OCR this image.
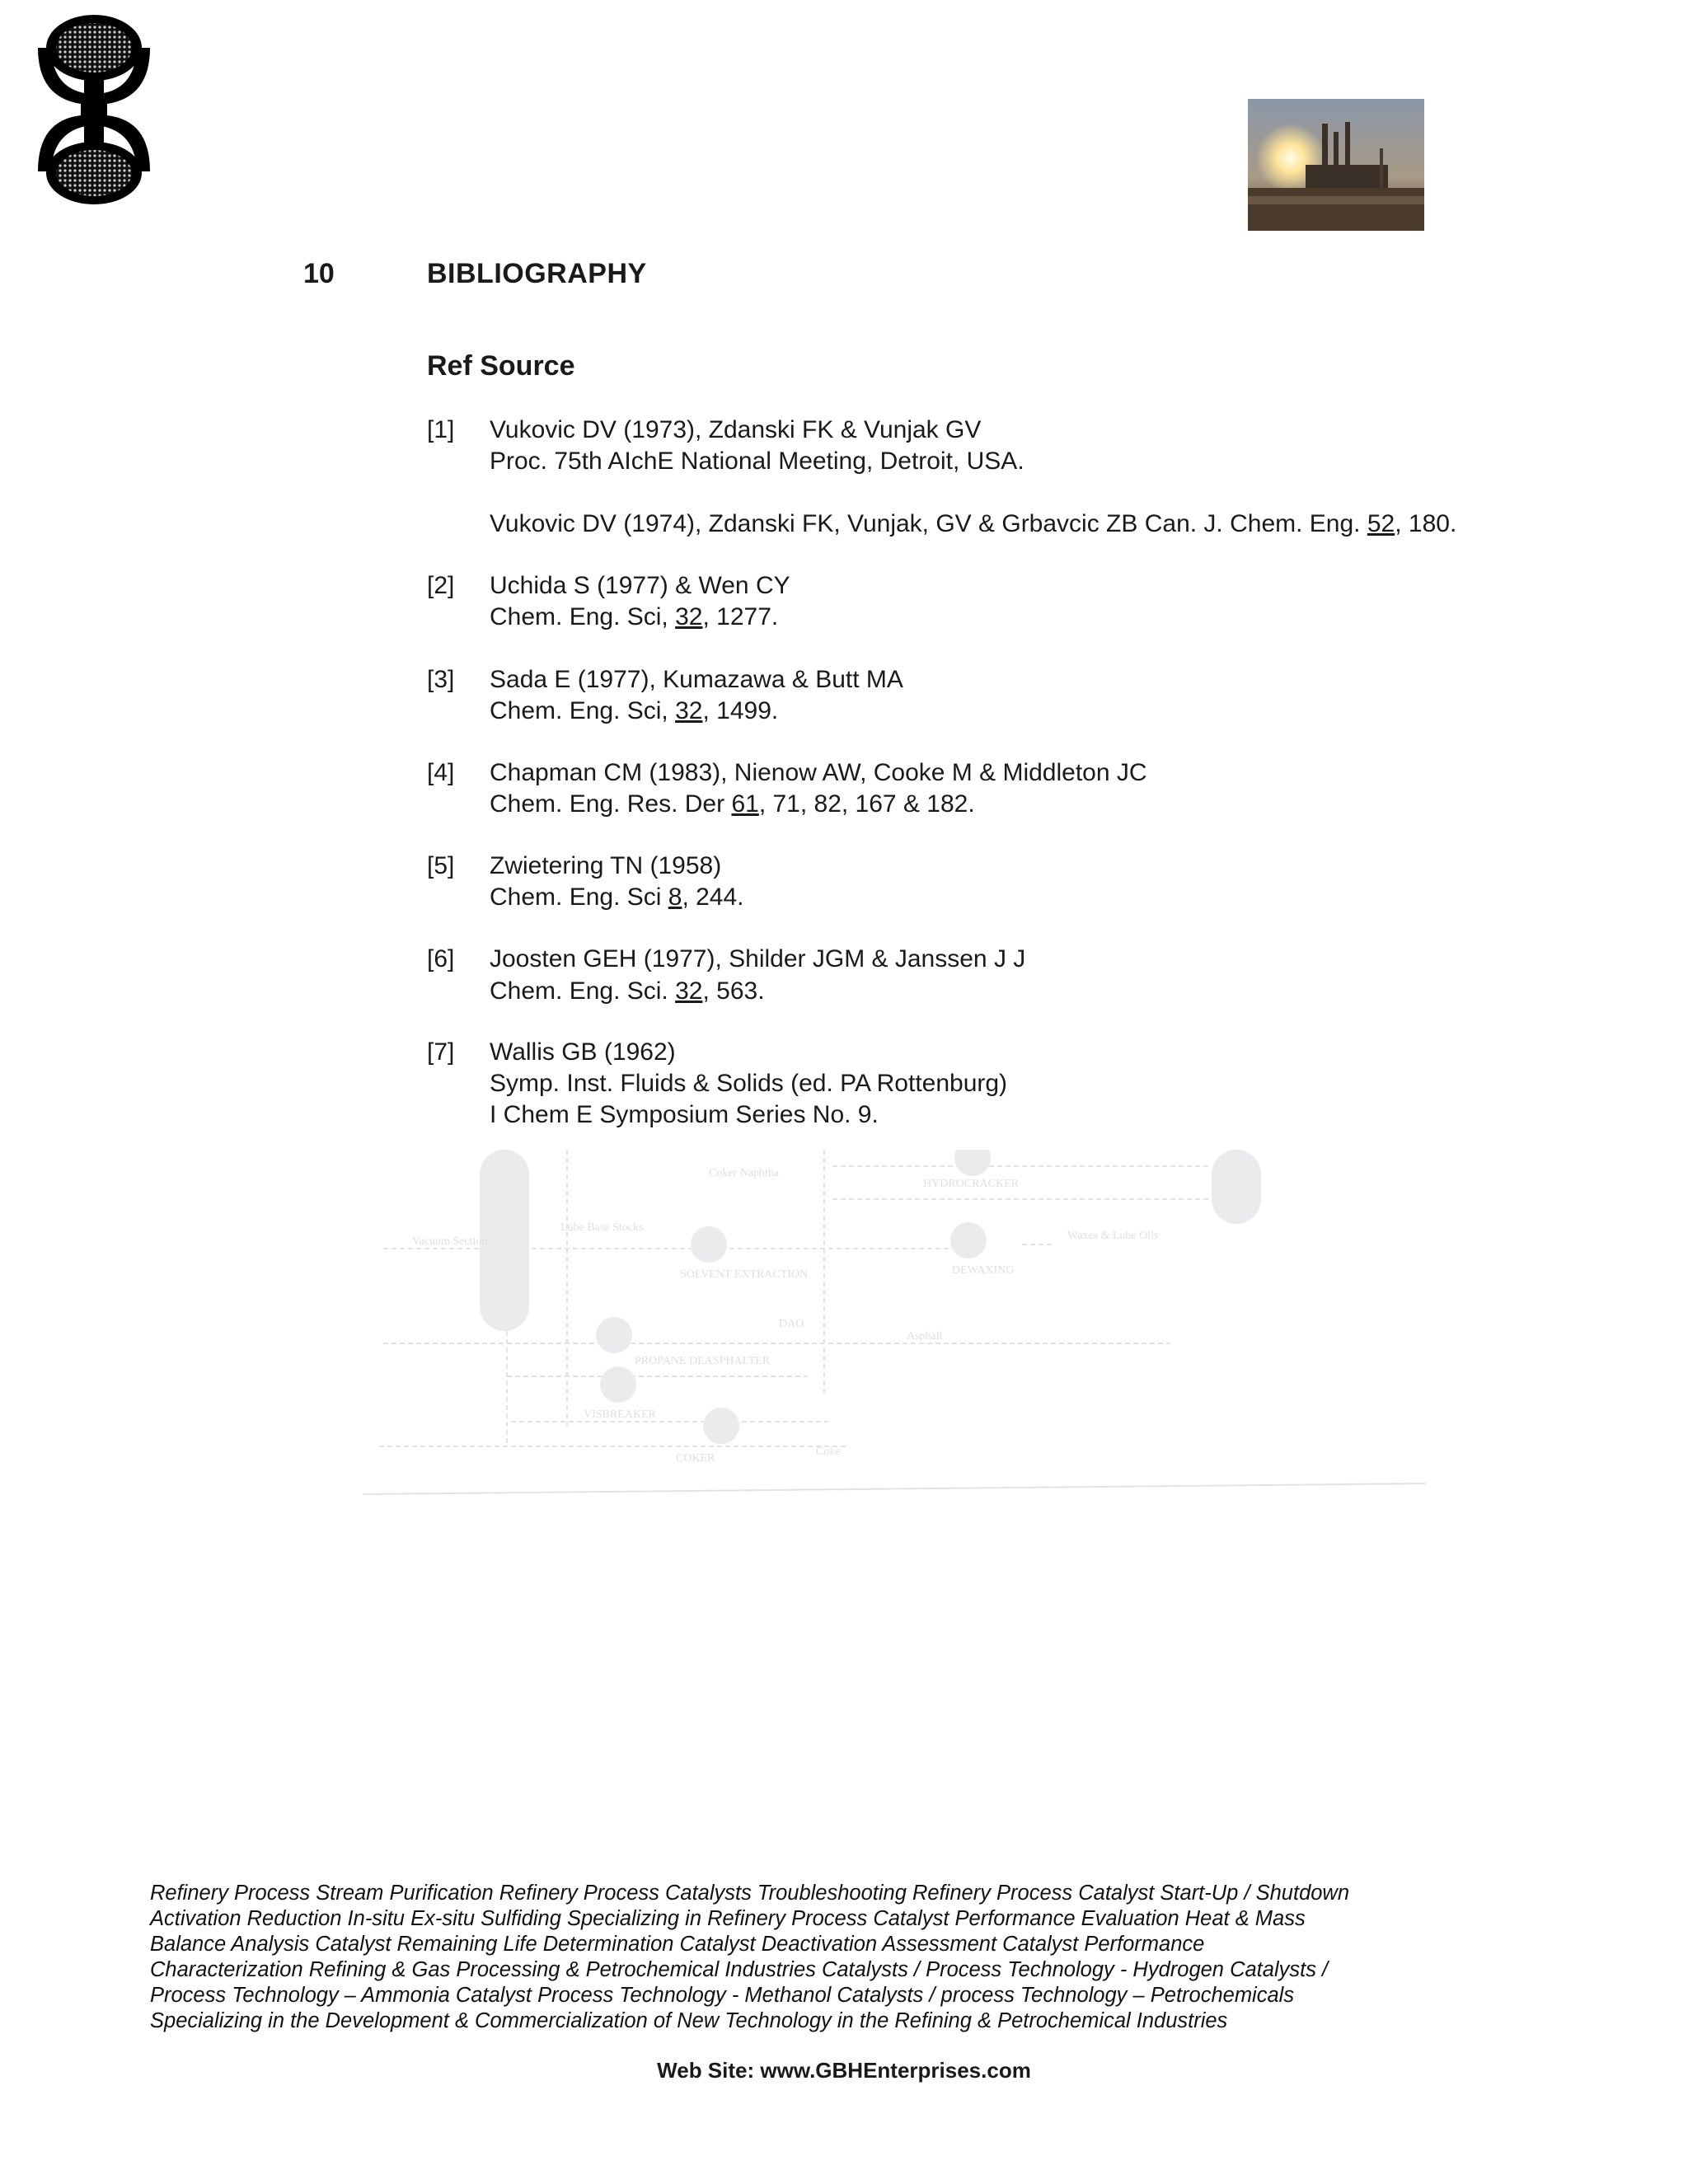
10	BIBLIOGRAPHY
Ref Source
[1] Vukovic DV (1973), Zdanski FK & Vunjak GV
Proc. 75th AIchE National Meeting, Detroit, USA.
Vukovic DV (1974), Zdanski FK, Vunjak, GV & Grbavcic ZB Can. J. Chem. Eng. 52, 180.
[2] Uchida S (1977) & Wen CY
Chem. Eng. Sci, 32, 1277.
[3] Sada E (1977), Kumazawa & Butt MA
Chem. Eng. Sci, 32, 1499.
[4] Chapman CM (1983), Nienow AW, Cooke M & Middleton JC
Chem. Eng. Res. Der 61, 71, 82, 167 & 182.
[5] Zwietering TN (1958)
Chem. Eng. Sci 8, 244.
[6] Joosten GEH (1977), Shilder JGM & Janssen J J
Chem. Eng. Sci. 32, 563.
[7] Wallis GB (1962)
Symp. Inst. Fluids & Solids (ed. PA Rottenburg)
I Chem E Symposium Series No. 9.
Coker Naphtha
HYDROCRACKER
Lube Base Stocks
Vacuum Section
SOLVENT EXTRACTION	DEWAXING
Waxes & Lube Oils
DAO
Asphalt
PROPANE DEASPHALTER
VISBREAKER
COKER
Coke
Refinery Process Stream Purification Refinery Process Catalysts Troubleshooting Refinery Process Catalyst Start-Up / Shutdown
Activation Reduction In-situ Ex-situ Sulfiding Specializing in Refinery Process Catalyst Performance Evaluation Heat & Mass
Balance Analysis Catalyst Remaining Life Determination Catalyst Deactivation Assessment Catalyst Performance
Characterization Refining & Gas Processing & Petrochemical Industries Catalysts / Process Technology - Hydrogen Catalysts /
Process Technology – Ammonia Catalyst Process Technology - Methanol Catalysts / process Technology – Petrochemicals
Specializing in the Development & Commercialization of New Technology in the Refining & Petrochemical Industries
Web Site: www.GBHEnterprises.com
